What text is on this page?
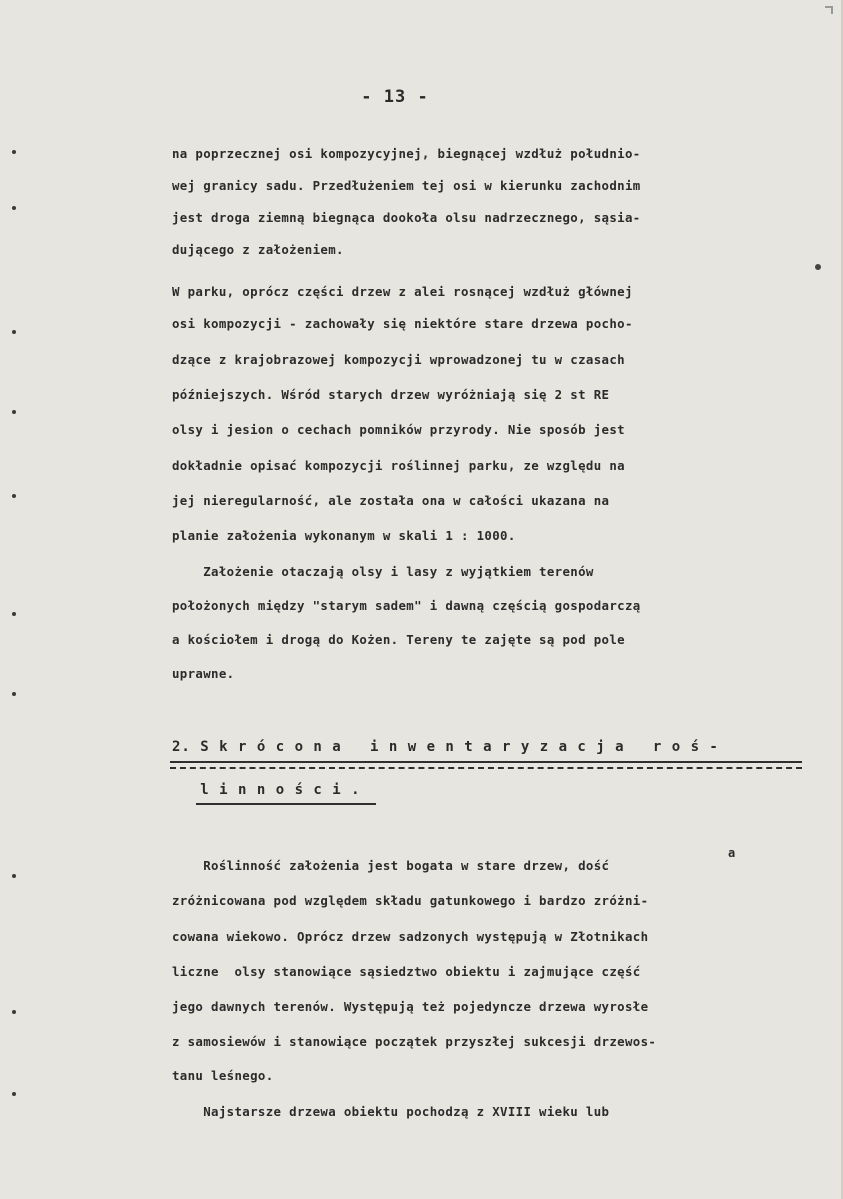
- 13 -
na poprzecznej osi kompozycyjnej, biegnącej wzdłuż południo-
wej granicy sadu. Przedłużeniem tej osi w kierunku zachodnim
jest droga ziemną biegnąca dookoła olsu nadrzecznego, sąsia-
dującego z założeniem.
W parku, oprócz części drzew z alei rosnącej wzdłuż głównej
osi kompozycji - zachowały się niektóre stare drzewa pocho-
dzące z krajobrazowej kompozycji wprowadzonej tu w czasach
późniejszych. Wśród starych drzew wyróżniają się 2 st RE
olsy i jesion o cechach pomników przyrody. Nie sposób jest
dokładnie opisać kompozycji roślinnej parku, ze względu na
jej nieregularność, ale została ona w całości ukazana na
planie założenia wykonanym w skali 1 : 1000.
Założenie otaczają olsy i lasy z wyjątkiem terenów
położonych między "starym sadem" i dawną częścią gospodarczą
a kościołem i drogą do Kożen. Tereny te zajęte są pod pole
uprawne.
2. S k r ó c o n a   i n w e n t a r y z a c j a   r o ś -
l i n n o ś c i .
a
Roślinność założenia jest bogata w stare drzew, dość
zróżnicowana pod względem składu gatunkowego i bardzo zróżni-
cowana wiekowo. Oprócz drzew sadzonych występują w Złotnikach
liczne  olsy stanowiące sąsiedztwo obiektu i zajmujące część
jego dawnych terenów. Występują też pojedyncze drzewa wyrosłe
z samosiewów i stanowiące początek przyszłej sukcesji drzewos-
tanu leśnego.
Najstarsze drzewa obiektu pochodzą z XVIII wieku lub
